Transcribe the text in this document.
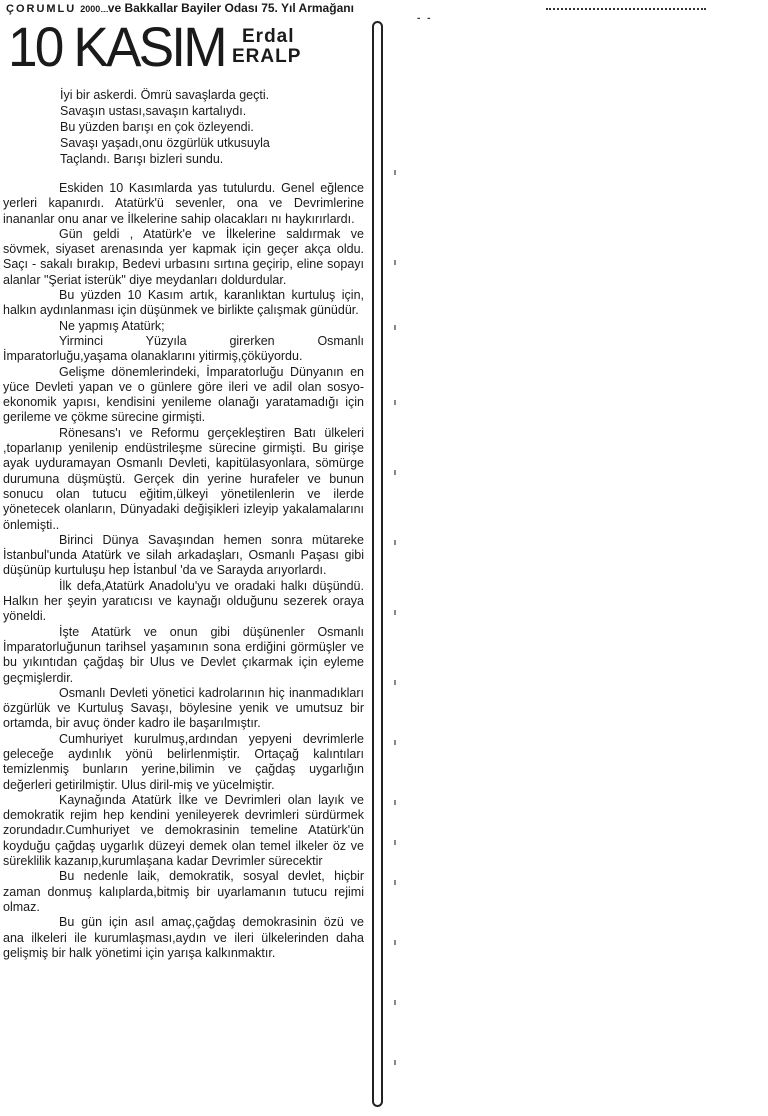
ÇORUMLU 2000.....ve Bakkallar Bayiler Odası 75. Yıl Armağanı
10 KASIM Erdal
ERALP
İyi bir askerdi. Ömrü savaşlarda geçti.
Savaşın ustası,savaşın kartalıydı.
Bu yüzden barışı en çok özleyendi.
Savaşı yaşadı,onu özgürlük utkusuyla
Taçlandı. Barışı bizleri sundu.

Eskiden 10 Kasımlarda yas tutulurdu. Genel eğlence yerleri kapanırdı. Atatürk'ü sevenler, ona ve Devrimlerine inananlar onu anar ve İlkelerine sahip olacakları nı haykırırlardı.

Gün geldi , Atatürk'e ve İlkelerine saldırmak ve sövmek, siyaset arenasında yer kapmak için geçer akça oldu. Saçı - sakalı bırakıp, Bedevi urbasını sırtına geçirip, eline sopayı alanlar "Şeriat isterük" diye meydanları doldurdular.

Bu yüzden 10 Kasım artık, karanlıktan kurtuluş için, halkın aydınlanması için düşünmek ve birlikte çalışmak günüdür.

Ne yapmış Atatürk;

Yirminci Yüzyıla girerken Osmanlı İmparatorluğu,yaşama olanaklarını yitirmiş,çöküyordu.

Gelişme dönemlerindeki, İmparatorluğu Dünyanın en yüce Devleti yapan ve o günlere göre ileri ve adil olan sosyo-ekonomik yapısı, kendisini yenileme olanağı yaratamadığı için gerileme ve çökme sürecine girmişti.

Rönesans'ı ve Reformu gerçekleştiren Batı ülkeleri ,toparlanıp yenilenip endüstrileşme sürecine girmişti. Bu girişe ayak uyduramayan Osmanlı Devleti, kapitülasyonlara, sömürge durumuna düşmüştü. Gerçek din yerine hurafeler ve bunun sonucu olan tutucu eğitim,ülkeyi yönetilenlerin ve ilerde yönetecek olanların, Dünyadaki değişikleri izleyip yakalamalarını önlemişti..

Birinci Dünya Savaşından hemen sonra mütareke İstanbul'unda Atatürk ve silah arkadaşları, Osmanlı Paşası gibi düşünüp kurtuluşu hep İstanbul 'da ve Sarayda arıyorlardı.

İlk defa,Atatürk Anadolu'yu ve oradaki halkı düşündü. Halkın her şeyin yaratıcısı ve kaynağı olduğunu sezerek oraya yöneldi.

İşte Atatürk ve onun gibi düşünenler Osmanlı İmparatorluğunun tarihsel yaşamının sona erdiğini görmüşler ve bu yıkıntıdan çağdaş bir Ulus ve Devlet çıkarmak için eyleme geçmişlerdir.

Osmanlı Devleti yönetici kadrolarının hiç inanmadıkları özgürlük ve Kurtuluş Savaşı, böylesine yenik ve umutsuz bir ortamda, bir avuç önder kadro ile başarılmıştır.

Cumhuriyet kurulmuş,ardından yepyeni devrimlerle geleceğe aydınlık yönü belirlenmiştir. Ortaçağ kalıntıları temizlenmiş bunların yerine,bilimin ve çağdaş uygarlığın değerleri getirilmiştir. Ulus diril-miş ve yücelmiştir.

Kaynağında Atatürk İlke ve Devrimleri olan layık ve demokratik rejim hep kendini yenileyerek devrimleri sürdürmek zorundadır.Cumhuriyet ve demokrasinin temeline Atatürk'ün koyduğu çağdaş uygarlık düzeyi demek olan temel ilkeler öz ve süreklilik kazanıp,kurumlaşana kadar Devrimler sürecektir

Bu nedenle laik, demokratik, sosyal devlet, hiçbir zaman donmuş kalıplarda,bitmiş bir uyarlamanın tutucu rejimi olmaz.

Bu gün için asıl amaç,çağdaş demokrasinin özü ve ana ilkeleri ile kurumlaşması,aydın ve ileri ülkelerinden daha gelişmiş bir halk yönetimi için yarışa kalkınmaktır.

- -
